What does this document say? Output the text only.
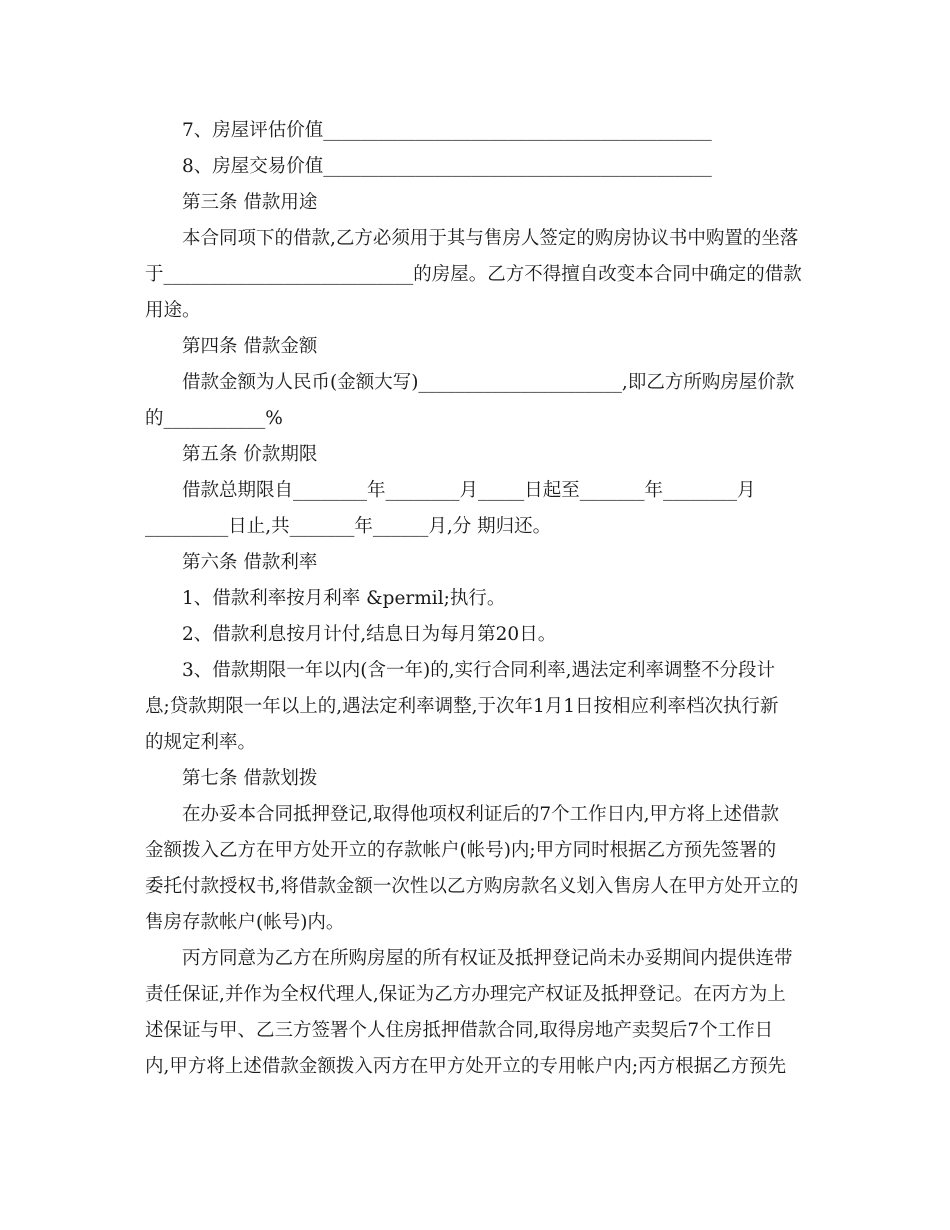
7、房屋评估价值__________________________________________
8、房屋交易价值__________________________________________
第三条 借款用途
本合同项下的借款,乙方必须用于其与售房人签定的购房协议书中购置的坐落
于___________________________的房屋。乙方不得擅自改变本合同中确定的借款
用途。
第四条 借款金额
借款金额为人民币(金额大写)______________________,即乙方所购房屋价款
的___________%
第五条 价款期限
借款总期限自________年________月_____日起至_______年________月
_________日止,共_______年______月,分 期归还。
第六条 借款利率
1、借款利率按月利率 &permil;执行。
2、借款利息按月计付,结息日为每月第20日。
3、借款期限一年以内(含一年)的,实行合同利率,遇法定利率调整不分段计
息;贷款期限一年以上的,遇法定利率调整,于次年1月1日按相应利率档次执行新
的规定利率。
第七条 借款划拨
在办妥本合同抵押登记,取得他项权利证后的7个工作日内,甲方将上述借款
金额拨入乙方在甲方处开立的存款帐户(帐号)内;甲方同时根据乙方预先签署的
委托付款授权书,将借款金额一次性以乙方购房款名义划入售房人在甲方处开立的
售房存款帐户(帐号)内。
丙方同意为乙方在所购房屋的所有权证及抵押登记尚未办妥期间内提供连带
责任保证,并作为全权代理人,保证为乙方办理完产权证及抵押登记。在丙方为上
述保证与甲、乙三方签署个人住房抵押借款合同,取得房地产卖契后7个工作日
内,甲方将上述借款金额拨入丙方在甲方处开立的专用帐户内;丙方根据乙方预先
